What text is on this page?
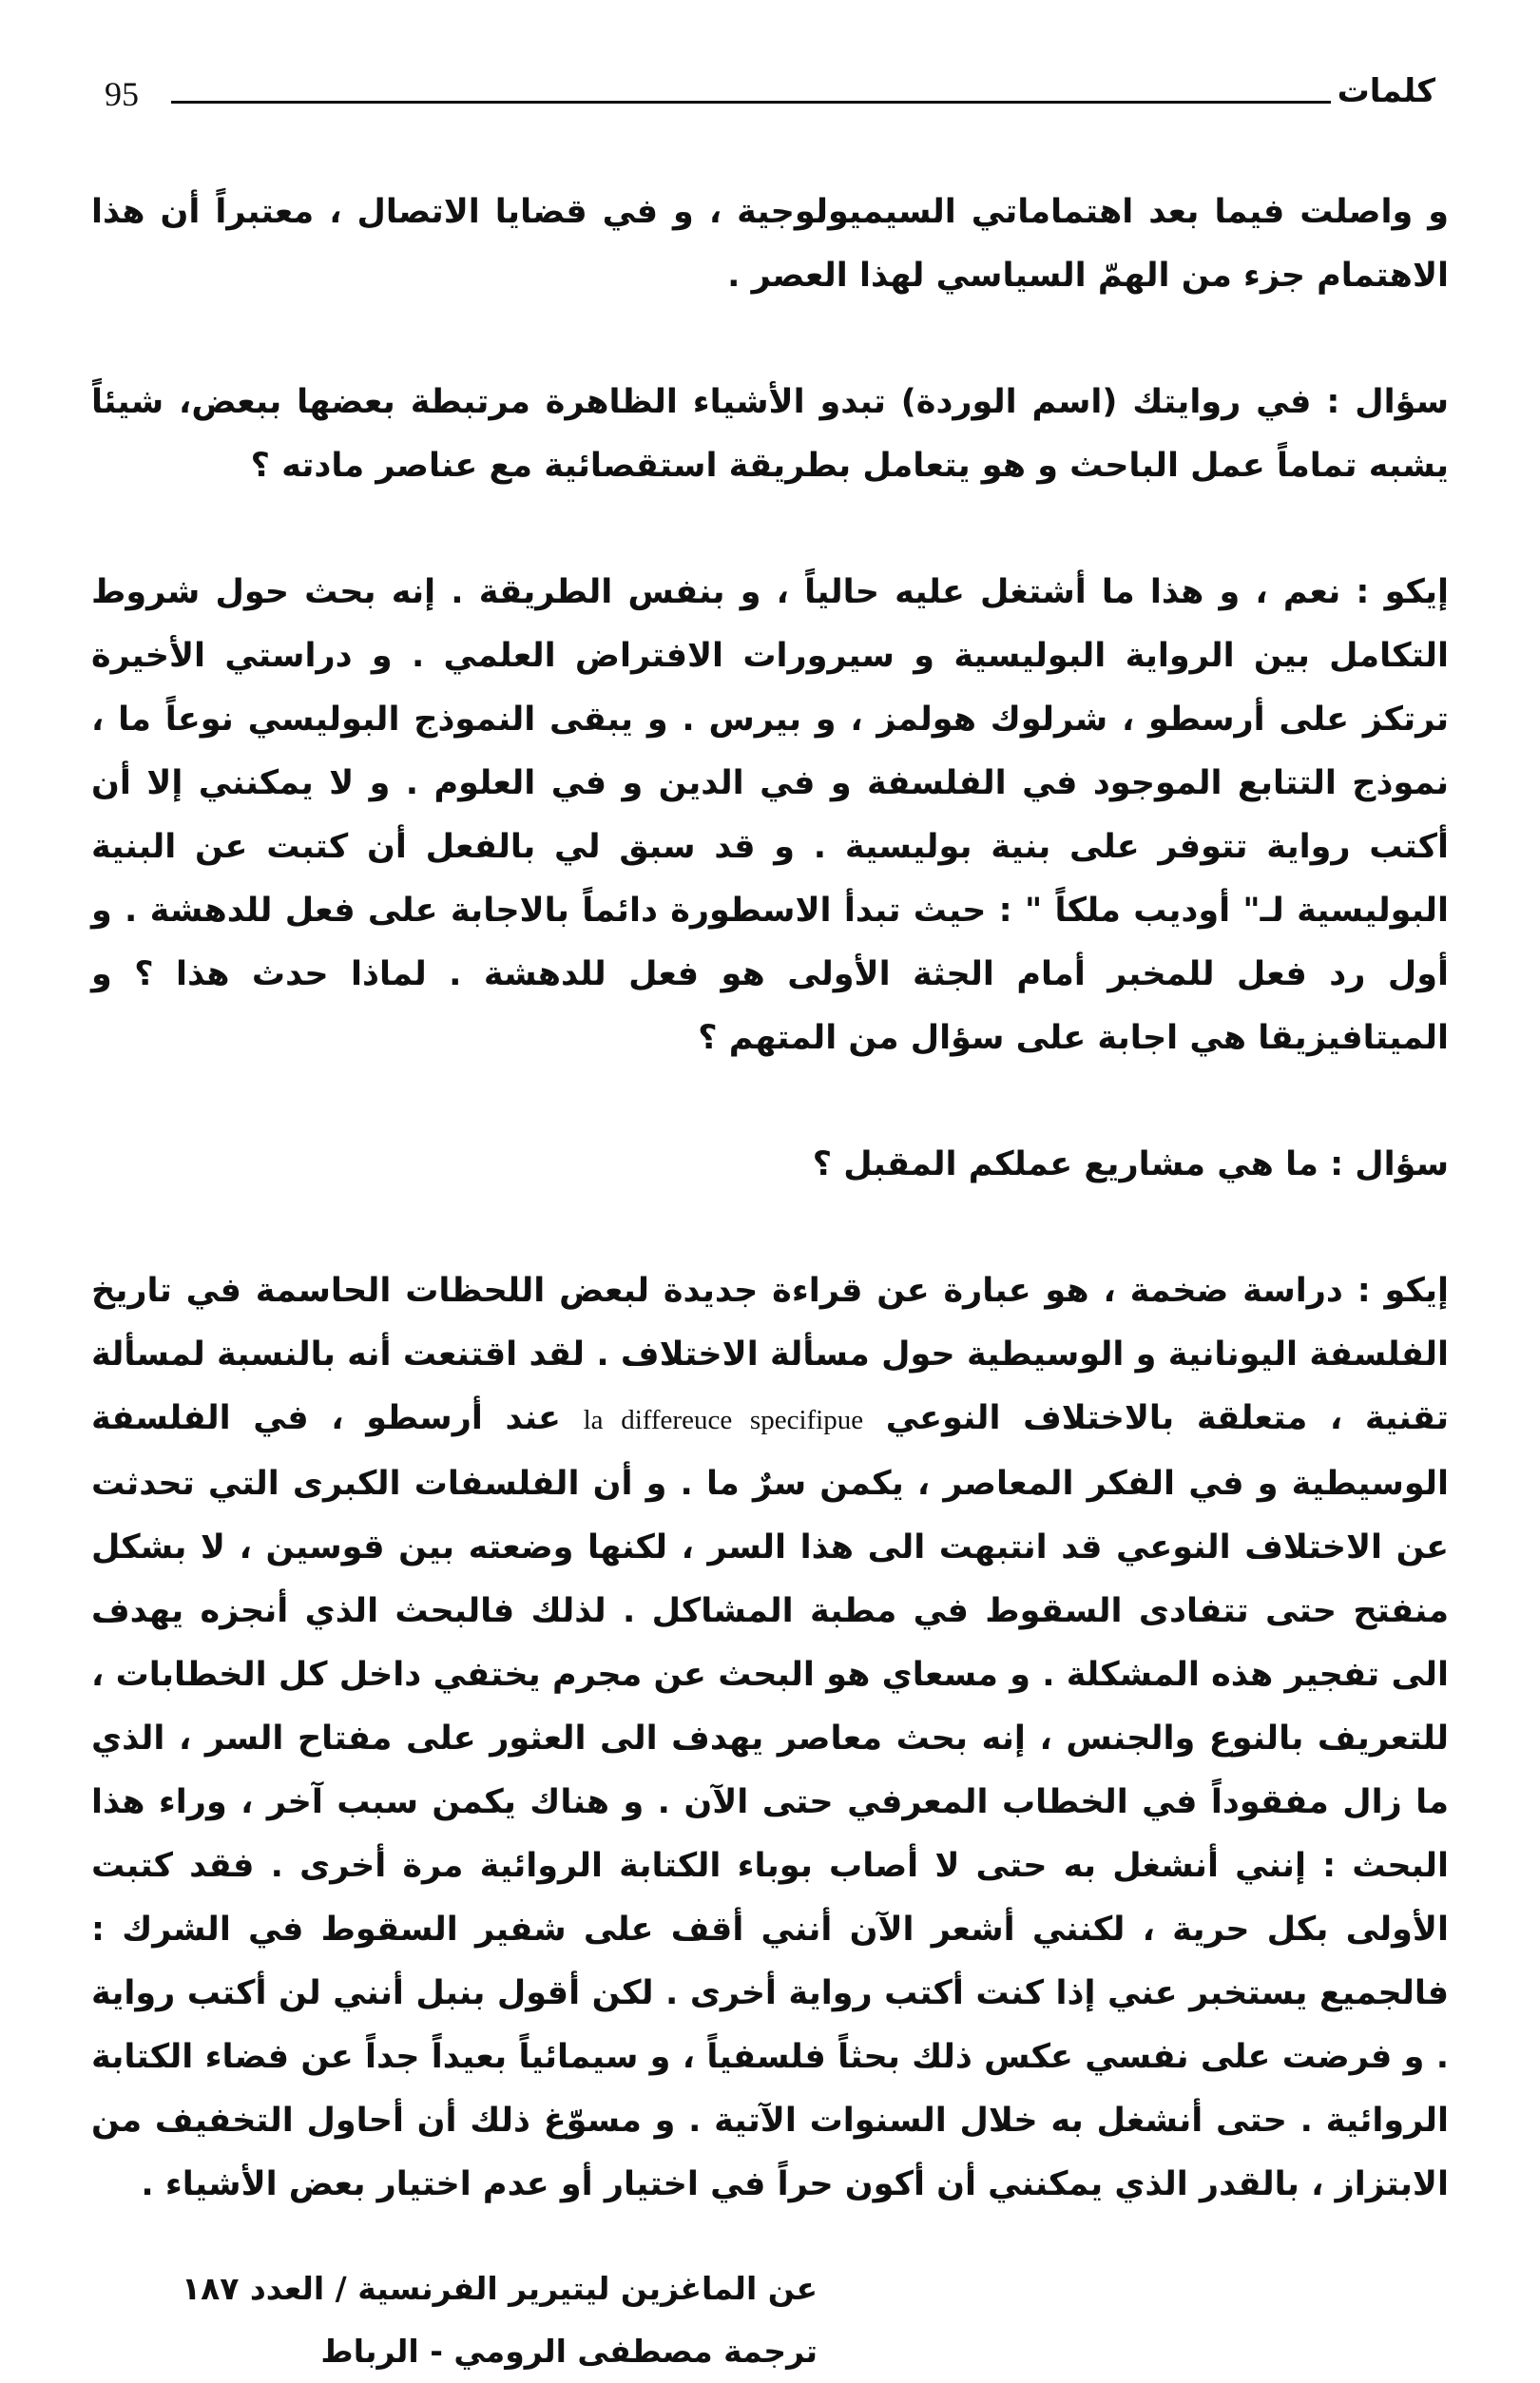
95	كلمات

و واصلت فيما بعد اهتماماتي السيميولوجية ، و في قضايا الاتصال ، معتبراً أن هذا الاهتمام جزء من الهمّ السياسي لهذا العصر .

سؤال : في روايتك (اسم الوردة) تبدو الأشياء الظاهرة مرتبطة بعضها ببعض، شيئاً يشبه تماماً عمل الباحث و هو يتعامل بطريقة استقصائية مع عناصر مادته ؟

إيكو : نعم ، و هذا ما أشتغل عليه حالياً ، و بنفس الطريقة . إنه بحث حول شروط التكامل بين الرواية البوليسية و سيرورات الافتراض العلمي . و دراستي الأخيرة ترتكز على أرسطو ، شرلوك هولمز ، و بيرس . و يبقى النموذج البوليسي نوعاً ما ، نموذج التتابع الموجود في الفلسفة و في الدين و في العلوم . و لا يمكنني إلا أن أكتب رواية تتوفر على بنية بوليسية . و قد سبق لي بالفعل أن كتبت عن البنية البوليسية لـ" أوديب ملكاً " : حيث تبدأ الاسطورة دائماً بالاجابة على فعل للدهشة . و أول رد فعل للمخبر أمام الجثة الأولى هو فعل للدهشة . لماذا حدث هذا ؟ و الميتافيزيقا هي اجابة على سؤال من المتهم ؟

سؤال : ما هي مشاريع عملكم المقبل ؟

إيكو : دراسة ضخمة ، هو عبارة عن قراءة جديدة لبعض اللحظات الحاسمة في تاريخ الفلسفة اليونانية و الوسيطية حول مسألة الاختلاف . لقد اقتنعت أنه بالنسبة لمسألة تقنية ، متعلقة بالاختلاف النوعي la differeuce specifipue عند أرسطو ، في الفلسفة الوسيطية و في الفكر المعاصر ، يكمن سرٌ ما . و أن الفلسفات الكبرى التي تحدثت عن الاختلاف النوعي قد انتبهت الى هذا السر ، لكنها وضعته بين قوسين ، لا بشكل منفتح حتى تتفادى السقوط في مطبة المشاكل . لذلك فالبحث الذي أنجزه يهدف الى تفجير هذه المشكلة . و مسعاي هو البحث عن مجرم يختفي داخل كل الخطابات ، للتعريف بالنوع والجنس ، إنه بحث معاصر يهدف الى العثور على مفتاح السر ، الذي ما زال مفقوداً في الخطاب المعرفي حتى الآن . و هناك يكمن سبب آخر ، وراء هذا البحث : إنني أنشغل به حتى لا أصاب بوباء الكتابة الروائية مرة أخرى . فقد كتبت الأولى بكل حرية ، لكنني أشعر الآن أنني أقف على شفير السقوط في الشرك : فالجميع يستخبر عني إذا كنت أكتب رواية أخرى . لكن أقول بنبل أنني لن أكتب رواية . و فرضت على نفسي عكس ذلك بحثاً فلسفياً ، و سيمائياً بعيداً جداً عن فضاء الكتابة الروائية . حتى أنشغل به خلال السنوات الآتية . و مسوّغ ذلك أن أحاول التخفيف من الابتزاز ، بالقدر الذي يمكنني أن أكون حراً في اختيار أو عدم اختيار بعض الأشياء .

عن الماغزين ليتيرير الفرنسية / العدد ١٨٧
ترجمة مصطفى الرومي - الرباط
